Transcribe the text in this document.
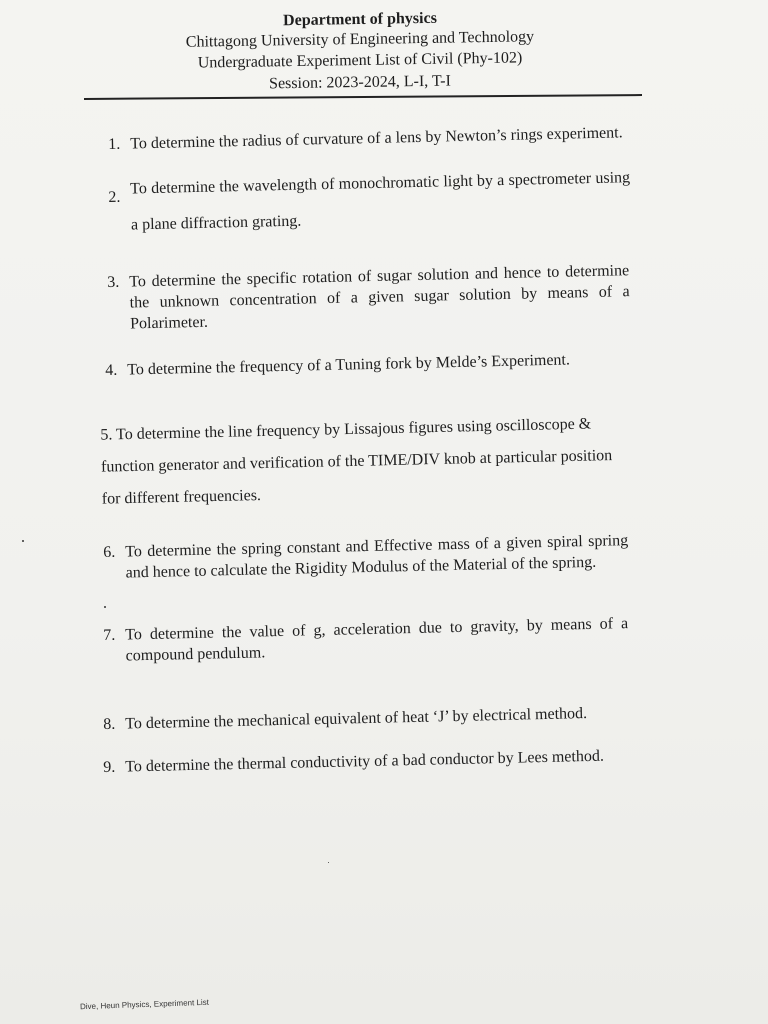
Department of physics
Chittagong University of Engineering and Technology
Undergraduate Experiment List of Civil (Phy-102)
Session: 2023-2024, L-I, T-I
1. To determine the radius of curvature of a lens by Newton’s rings experiment.
2. To determine the wavelength of monochromatic light by a spectrometer using a plane diffraction grating.
3. To determine the specific rotation of sugar solution and hence to determine the unknown concentration of a given sugar solution by means of a Polarimeter.
4. To determine the frequency of a Tuning fork by Melde’s Experiment.
5. To determine the line frequency by Lissajous figures using oscilloscope & function generator and verification of the TIME/DIV knob at particular position for different frequencies.
6. To determine the spring constant and Effective mass of a given spiral spring and hence to calculate the Rigidity Modulus of the Material of the spring.
7. To determine the value of g, acceleration due to gravity, by means of a compound pendulum.
8. To determine the mechanical equivalent of heat ‘J’ by electrical method.
9. To determine the thermal conductivity of a bad conductor by Lees method.
Dive, Heun Physics, Experiment List
